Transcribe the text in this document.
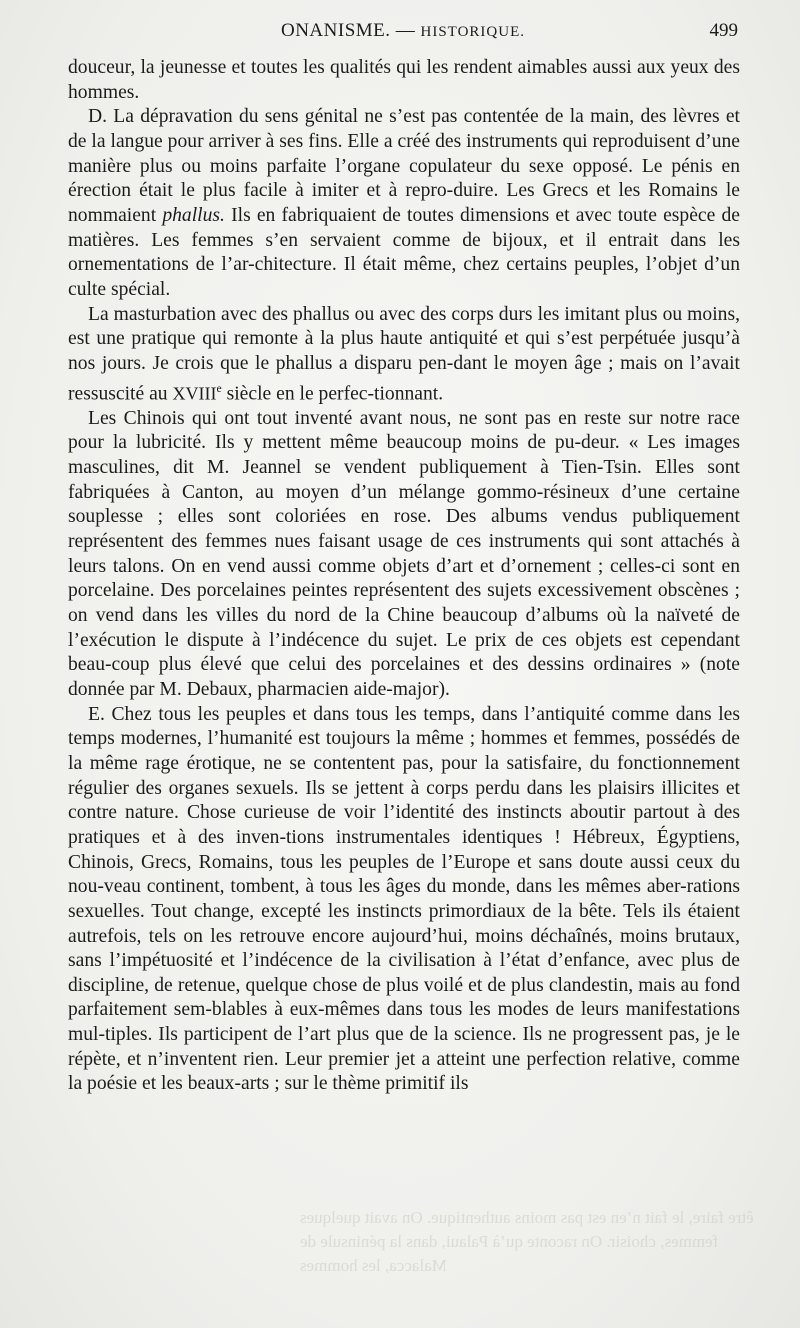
ONANISME. — HISTORIQUE.	499

douceur, la jeunesse et toutes les qualités qui les rendent aimables aussi aux yeux des hommes.

D. La dépravation du sens génital ne s’est pas contentée de la main, des lèvres et de la langue pour arriver à ses fins. Elle a créé des instruments qui reproduisent d’une manière plus ou moins parfaite l’organe copulateur du sexe opposé. Le pénis en érection était le plus facile à imiter et à repro-duire. Les Grecs et les Romains le nommaient phallus. Ils en fabriquaient de toutes dimensions et avec toute espèce de matières. Les femmes s’en servaient comme de bijoux, et il entrait dans les ornementations de l’ar-chitecture. Il était même, chez certains peuples, l’objet d’un culte spécial.

La masturbation avec des phallus ou avec des corps durs les imitant plus ou moins, est une pratique qui remonte à la plus haute antiquité et qui s’est perpétuée jusqu’à nos jours. Je crois que le phallus a disparu pen-dant le moyen âge ; mais on l’avait ressuscité au XVIIIe siècle en le perfec-tionnant.

Les Chinois qui ont tout inventé avant nous, ne sont pas en reste sur notre race pour la lubricité. Ils y mettent même beaucoup moins de pu-deur. « Les images masculines, dit M. Jeannel se vendent publiquement à Tien-Tsin. Elles sont fabriquées à Canton, au moyen d’un mélange gommo-résineux d’une certaine souplesse ; elles sont coloriées en rose. Des albums vendus publiquement représentent des femmes nues faisant usage de ces instruments qui sont attachés à leurs talons. On en vend aussi comme objets d’art et d’ornement ; celles-ci sont en porcelaine. Des porcelaines peintes représentent des sujets excessivement obscènes ; on vend dans les villes du nord de la Chine beaucoup d’albums où la naïveté de l’exécution le dispute à l’indécence du sujet. Le prix de ces objets est cependant beau-coup plus élevé que celui des porcelaines et des dessins ordinaires » (note donnée par M. Debaux, pharmacien aide-major).

E. Chez tous les peuples et dans tous les temps, dans l’antiquité comme dans les temps modernes, l’humanité est toujours la même ; hommes et femmes, possédés de la même rage érotique, ne se contentent pas, pour la satisfaire, du fonctionnement régulier des organes sexuels. Ils se jettent à corps perdu dans les plaisirs illicites et contre nature. Chose curieuse de voir l’identité des instincts aboutir partout à des pratiques et à des inven-tions instrumentales identiques ! Hébreux, Égyptiens, Chinois, Grecs, Romains, tous les peuples de l’Europe et sans doute aussi ceux du nou-veau continent, tombent, à tous les âges du monde, dans les mêmes aber-rations sexuelles. Tout change, excepté les instincts primordiaux de la bête. Tels ils étaient autrefois, tels on les retrouve encore aujourd’hui, moins déchaînés, moins brutaux, sans l’impétuosité et l’indécence de la civilisation à l’état d’enfance, avec plus de discipline, de retenue, quelque chose de plus voilé et de plus clandestin, mais au fond parfaitement sem-blables à eux-mêmes dans tous les modes de leurs manifestations mul-tiples. Ils participent de l’art plus que de la science. Ils ne progressent pas, je le répète, et n’inventent rien. Leur premier jet a atteint une perfection relative, comme la poésie et les beaux-arts ; sur le thème primitif ils

être faire, le fait n’en est pas moins authentique. On avait quelques femmes, choisir. On raconte qu’à Palaui, dans la péninsule de Malacca, les hommes
